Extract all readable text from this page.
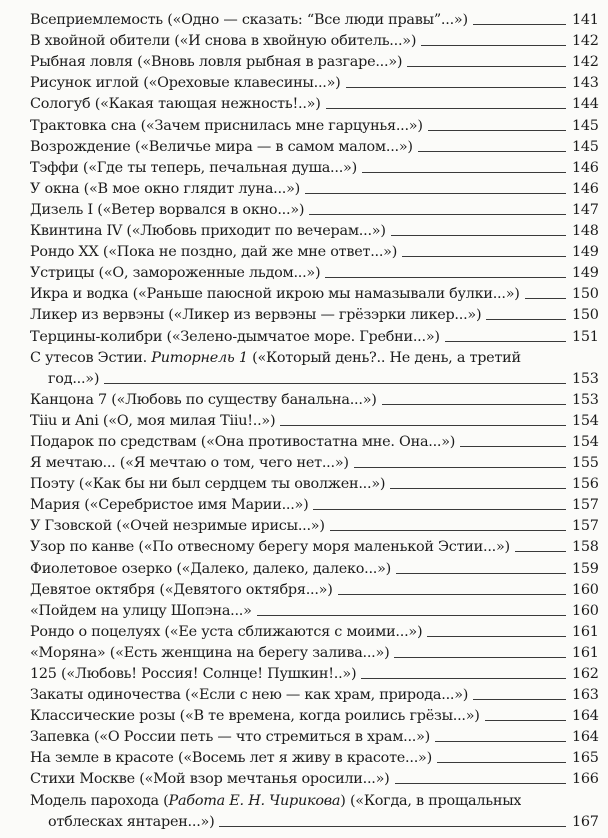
Всеприемлемость («Одно — сказать: “Все люди правы”...»)	141
В хвойной обители («И снова в хвойную обитель...»)	142
Рыбная ловля («Вновь ловля рыбная в разгаре...»)	142
Рисунок иглой («Ореховые клавесины...»)	143
Сологуб («Какая тающая нежность!..»)	144
Трактовка сна («Зачем приснилась мне гарцунья...»)	145
Возрождение («Величье мира — в самом малом...»)	145
Тэффи («Где ты теперь, печальная душа...»)	146
У окна («В мое окно глядит луна...»)	146
Дизель I («Ветер ворвался в окно...»)	147
Квинтина IV («Любовь приходит по вечерам...»)	148
Рондо XX («Пока не поздно, дай же мне ответ...»)	149
Устрицы («О, замороженные льдом...»)	149
Икра и водка («Раньше паюсной икрою мы намазывали булки...»)	150
Ликер из вервэны («Ликер из вервэны — грёзэрки ликер...»)	150
Терцины-колибри («Зелено-дымчатое море. Гребни...»)	151
С утесов Эстии. Риторнель 1 («Который день?.. Не день, а третий
год...»)	153
Канцона 7 («Любовь по существу банальна...»)	153
Tiiu и Ani («О, моя милая Tiiu!..»)	154
Подарок по средствам («Она противостатна мне. Она...»)	154
Я мечтаю... («Я мечтаю о том, чего нет...»)	155
Поэту («Как бы ни был сердцем ты оволжен...»)	156
Мария («Серебристое имя Марии...»)	157
У Гзовской («Очей незримые ирисы...»)	157
Узор по канве («По отвесному берегу моря маленькой Эстии...»)	158
Фиолетовое озерко («Далеко, далеко, далеко...»)	159
Девятое октября («Девятого октября...»)	160
«Пойдем на улицу Шопэна...»	160
Рондо о поцелуях («Ее уста сближаются с моими...»)	161
«Моряна» («Есть женщина на берегу залива...»)	161
125 («Любовь! Россия! Солнце! Пушкин!..»)	162
Закаты одиночества («Если с нею — как храм, природа...»)	163
Классические розы («В те времена, когда роились грёзы...»)	164
Запевка («О России петь — что стремиться в храм...»)	164
На земле в красоте («Восемь лет я живу в красоте...»)	165
Стихи Москве («Мой взор мечтанья оросили...»)	166
Модель парохода (Работа Е. Н. Чирикова) («Когда, в прощальных
отблесках янтарен...»)	167
